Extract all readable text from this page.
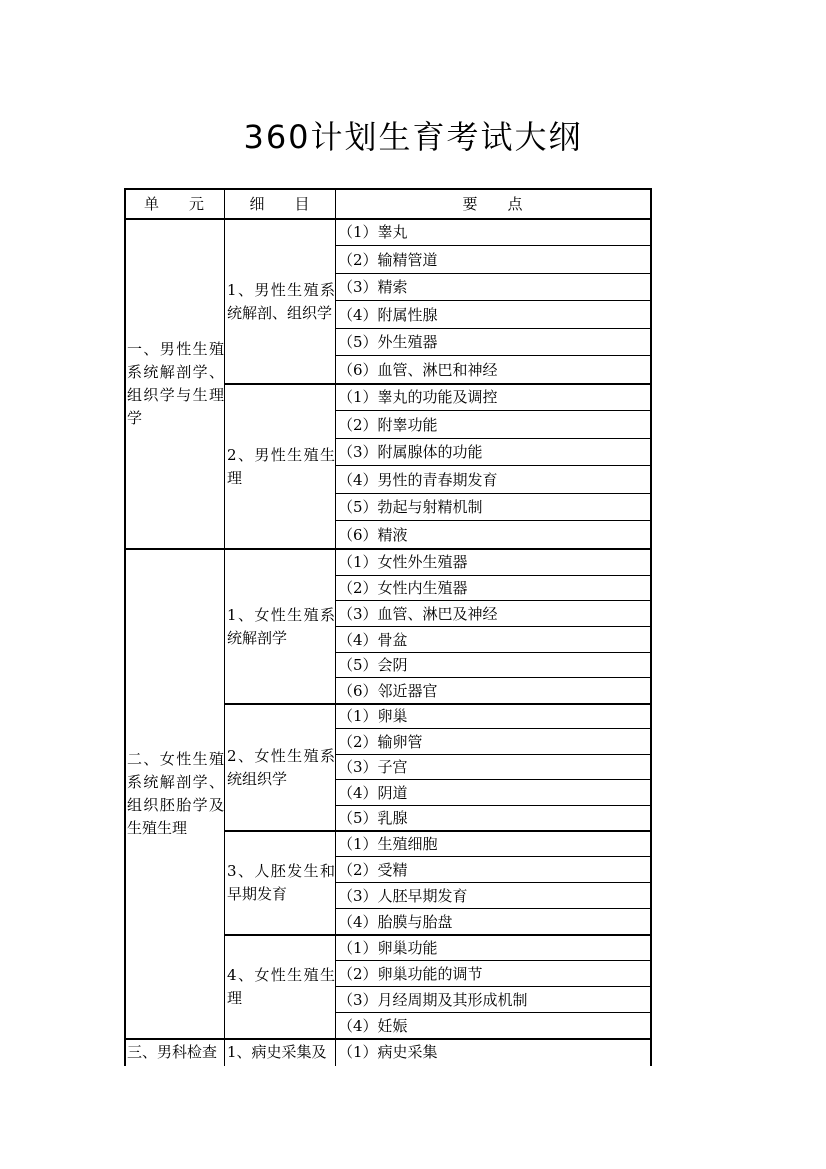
360计划生育考试大纲
单　　元	细　　目	要　　点
一、男性生殖系统解剖学、组织学与生理学
1、男性生殖系统解剖、组织学
（1）睾丸
（2）输精管道
（3）精索
（4）附属性腺
（5）外生殖器
（6）血管、淋巴和神经
2、男性生殖生理
（1）睾丸的功能及调控
（2）附睾功能
（3）附属腺体的功能
（4）男性的青春期发育
（5）勃起与射精机制
（6）精液
二、女性生殖系统解剖学、组织胚胎学及生殖生理
1、女性生殖系统解剖学
（1）女性外生殖器
（2）女性内生殖器
（3）血管、淋巴及神经
（4）骨盆
（5）会阴
（6）邻近器官
2、女性生殖系统组织学
（1）卵巢
（2）输卵管
（3）子宫
（4）阴道
（5）乳腺
3、人胚发生和早期发育
（1）生殖细胞
（2）受精
（3）人胚早期发育
（4）胎膜与胎盘
4、女性生殖生理
（1）卵巢功能
（2）卵巢功能的调节
（3）月经周期及其形成机制
（4）妊娠
三、男科检查 1、病史采集及 （1）病史采集
